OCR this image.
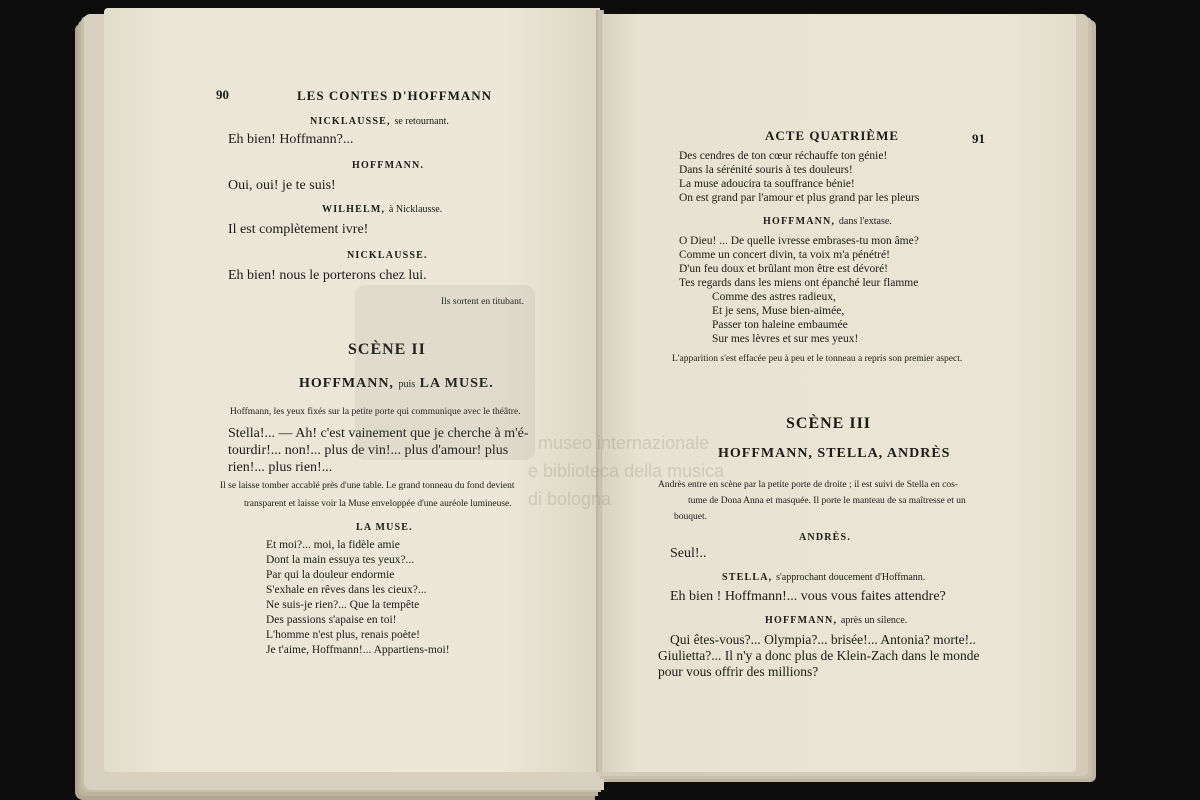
90	LES CONTES D'HOFFMANN
NICKLAUSSE, se retournant.
Eh bien! Hoffmann?...
HOFFMANN.
Oui, oui! je te suis!
WILHELM, à Nicklausse.
Il est complètement ivre!
NICKLAUSSE.
Eh bien! nous le porterons chez lui.
Ils sortent en titubant.
SCÈNE II
HOFFMANN, puis LA MUSE.
Hoffmann, les yeux fixés sur la petite porte qui communique avec le théâtre.
Stella!... — Ah! c'est vainement que je cherche à m'é-
tourdir!... non!... plus de vin!... plus d'amour! plus
rien!... plus rien!...
Il se laisse tomber accablé près d'une table. Le grand tonneau du fond devient
transparent et laisse voir la Muse enveloppée d'une auréole lumineuse.
LA MUSE.
Et moi?... moi, la fidèle amie
Dont la main essuya tes yeux?...
Par qui la douleur endormie
S'exhale en rêves dans les cieux?...
Ne suis-je rien?... Que la tempête
Des passions s'apaise en toi!
L'homme n'est plus, renais poète!
Je t'aime, Hoffmann!... Appartiens-moi!
ACTE QUATRIÈME	91
Des cendres de ton cœur réchauffe ton génie!
Dans la sérénité souris à tes douleurs!
La muse adoucira ta souffrance bénie!
On est grand par l'amour et plus grand par les pleurs
HOFFMANN, dans l'extase.
O Dieu! ... De quelle ivresse embrases-tu mon âme?
Comme un concert divin, ta voix m'a pénétré!
D'un feu doux et brûlant mon être est dévoré!
Tes regards dans les miens ont épanché leur flamme
Comme des astres radieux,
Et je sens, Muse bien-aimée,
Passer ton haleine embaumée
Sur mes lèvres et sur mes yeux!
L'apparition s'est effacée peu à peu et le tonneau a repris son premier aspect.
SCÈNE III
HOFFMANN, STELLA, ANDRÈS
Andrès entre en scène par la petite porte de droite ; il est suivi de Stella en cos-
tume de Dona Anna et masquée. Il porte le manteau de sa maîtresse et un
bouquet.
ANDRÈS.
Seul!..
STELLA, s'approchant doucement d'Hoffmann.
Eh bien ! Hoffmann!... vous vous faites attendre?
HOFFMANN, après un silence.
Qui êtes-vous?... Olympia?... brisée!... Antonia? morte!..
Giulietta?... Il n'y a donc plus de Klein-Zach dans le monde
pour vous offrir des millions?
museo internazionale
e biblioteca della musica
di bologna
